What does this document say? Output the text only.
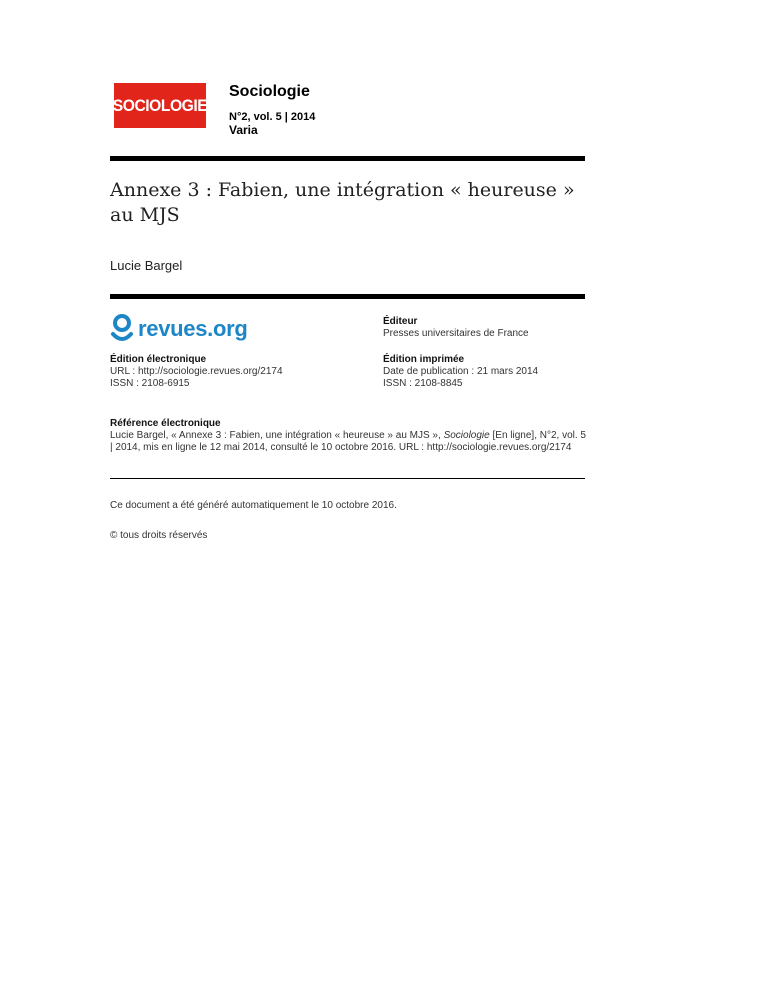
SOCIOLOGIE
Sociologie
N°2, vol. 5 | 2014
Varia
Annexe 3 : Fabien, une intégration « heureuse » au MJS
Lucie Bargel
revues.org	Éditeur
Presses universitaires de France
Édition électronique
URL : http://sociologie.revues.org/2174
ISSN : 2108-6915
Édition imprimée
Date de publication : 21 mars 2014
ISSN : 2108-8845
Référence électronique
Lucie Bargel, « Annexe 3 : Fabien, une intégration « heureuse » au MJS », Sociologie [En ligne], N°2, vol. 5 | 2014, mis en ligne le 12 mai 2014, consulté le 10 octobre 2016. URL : http://sociologie.revues.org/2174
Ce document a été généré automatiquement le 10 octobre 2016.
© tous droits réservés
